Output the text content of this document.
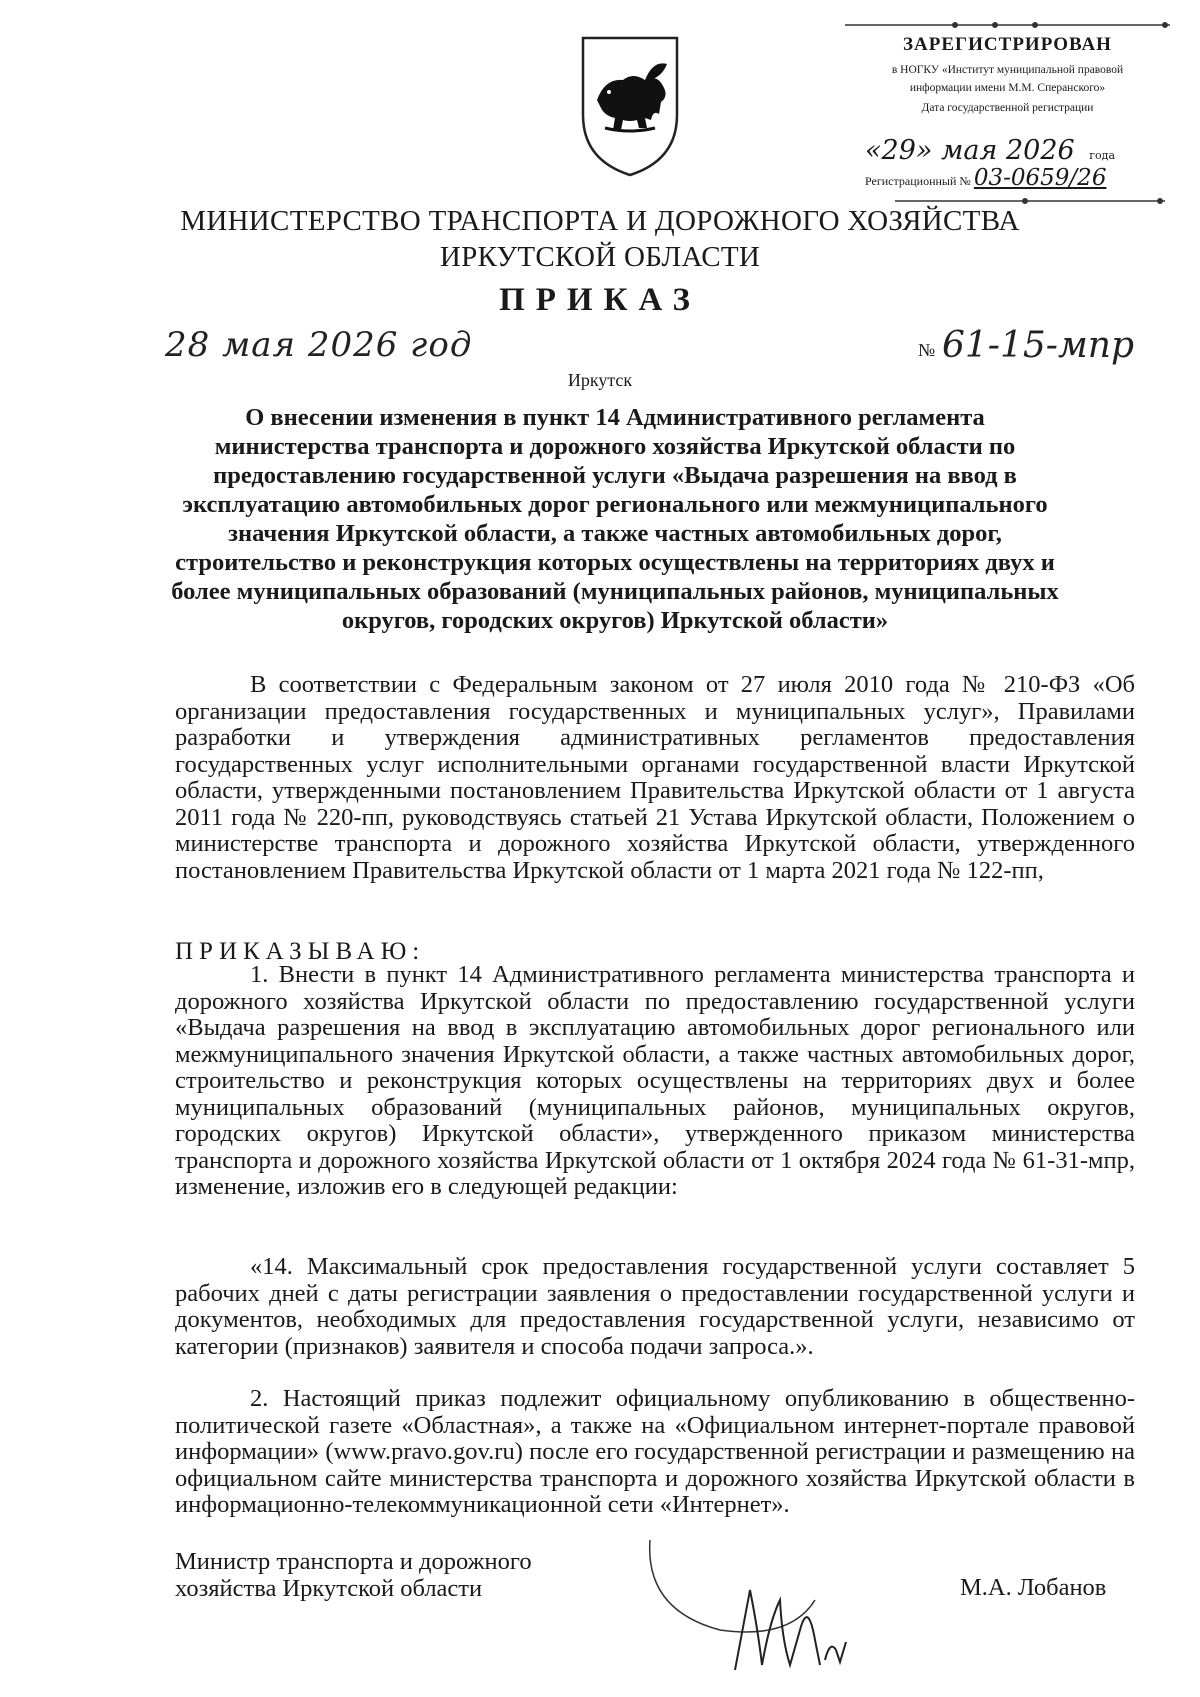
ЗАРЕГИСТРИРОВАН
в НОГКУ «Институт муниципальной правовой
информации имени М.М. Сперанского»
Дата государственной регистрации
«29» мая 2026 года
Регистрационный № 03-0659/26
МИНИСТЕРСТВО ТРАНСПОРТА И ДОРОЖНОГО ХОЗЯЙСТВА
ИРКУТСКОЙ ОБЛАСТИ
ПРИКАЗ
28 мая 2026 год	№ 61-15-мпр
Иркутск
О внесении изменения в пункт 14 Административного регламента министерства транспорта и дорожного хозяйства Иркутской области по предоставлению государственной услуги «Выдача разрешения на ввод в эксплуатацию автомобильных дорог регионального или межмуниципального значения Иркутской области, а также частных автомобильных дорог, строительство и реконструкция которых осуществлены на территориях двух и более муниципальных образований (муниципальных районов, муниципальных округов, городских округов) Иркутской области»
В соответствии с Федеральным законом от 27 июля 2010 года № 210-ФЗ «Об организации предоставления государственных и муниципальных услуг», Правилами разработки и утверждения административных регламентов предоставления государственных услуг исполнительными органами государственной власти Иркутской области, утвержденными постановлением Правительства Иркутской области от 1 августа 2011 года № 220-пп, руководствуясь статьей 21 Устава Иркутской области, Положением о министерстве транспорта и дорожного хозяйства Иркутской области, утвержденного постановлением Правительства Иркутской области от 1 марта 2021 года № 122-пп,
ПРИКАЗЫВАЮ:
1. Внести в пункт 14 Административного регламента министерства транспорта и дорожного хозяйства Иркутской области по предоставлению государственной услуги «Выдача разрешения на ввод в эксплуатацию автомобильных дорог регионального или межмуниципального значения Иркутской области, а также частных автомобильных дорог, строительство и реконструкция которых осуществлены на территориях двух и более муниципальных образований (муниципальных районов, муниципальных округов, городских округов) Иркутской области», утвержденного приказом министерства транспорта и дорожного хозяйства Иркутской области от 1 октября 2024 года № 61-31-мпр, изменение, изложив его в следующей редакции:
«14. Максимальный срок предоставления государственной услуги составляет 5 рабочих дней с даты регистрации заявления о предоставлении государственной услуги и документов, необходимых для предоставления государственной услуги, независимо от категории (признаков) заявителя и способа подачи запроса.».
2. Настоящий приказ подлежит официальному опубликованию в общественно-политической газете «Областная», а также на «Официальном интернет-портале правовой информации» (www.pravo.gov.ru) после его государственной регистрации и размещению на официальном сайте министерства транспорта и дорожного хозяйства Иркутской области в информационно-телекоммуникационной сети «Интернет».
Министр транспорта и дорожного
хозяйства Иркутской области	М.А. Лобанов
